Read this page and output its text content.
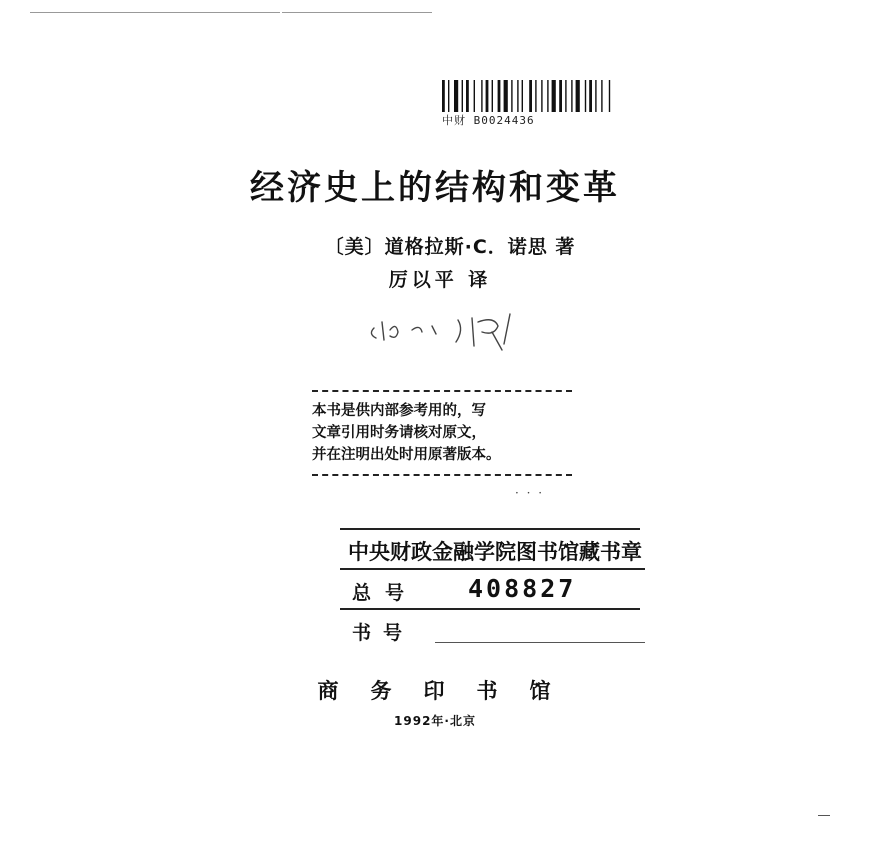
中财 B0024436
经济史上的结构和变革
〔美〕道格拉斯·C．诺思 著
厉以平 译
本书是供内部参考用的，写
文章引用时务请核对原文，
并在注明出处时用原著版本。
· · ·
中央财政金融学院图书馆藏书章
总号 408827
书号
商务印书馆
1992年·北京
